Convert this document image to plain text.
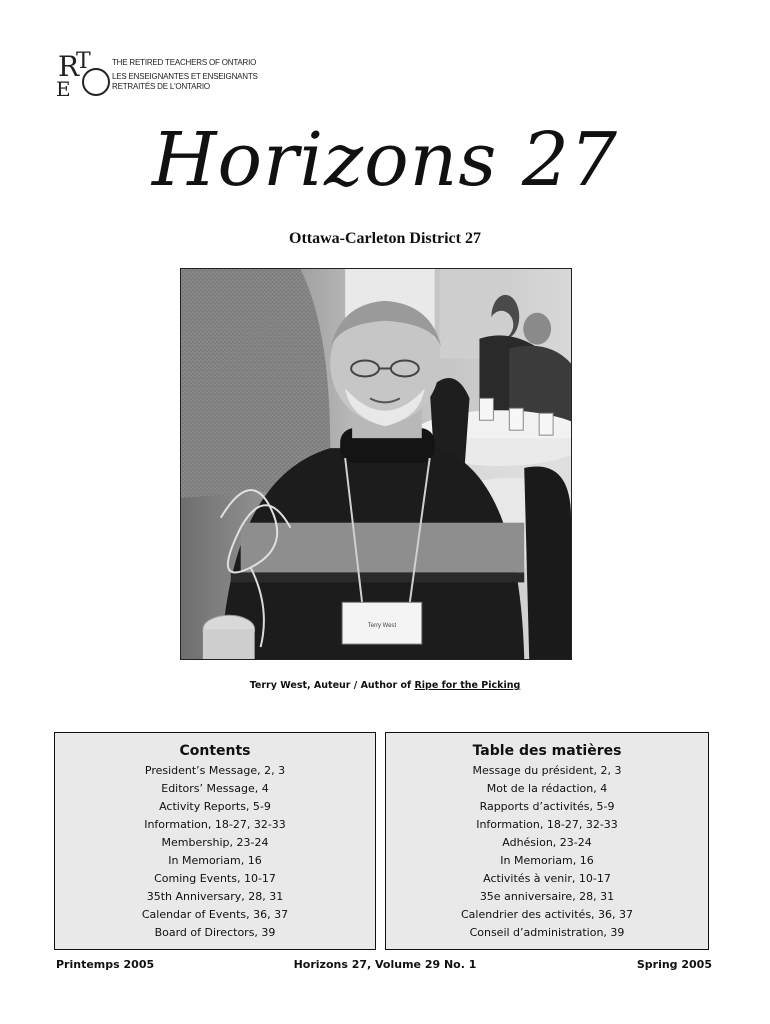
R
T
E
THE RETIRED TEACHERS OF ONTARIO
LES ENSEIGNANTES ET ENSEIGNANTS
RETRAITÉS DE L'ONTARIO
Horizons 27
Ottawa-Carleton District 27
Terry West
Terry West, Auteur / Author of Ripe for the Picking
Contents
President’s Message, 2, 3
Editors’ Message, 4
Activity Reports, 5-9
Information, 18-27, 32-33
Membership, 23-24
In Memoriam, 16
Coming Events, 10-17
35th Anniversary, 28, 31
Calendar of Events, 36, 37
Board of Directors, 39
Table des matières
Message du président, 2, 3
Mot de la rédaction, 4
Rapports d’activités, 5-9
Information, 18-27, 32-33
Adhésion, 23-24
In Memoriam, 16
Activités à venir, 10-17
35e anniversaire, 28, 31
Calendrier des activités, 36, 37
Conseil d’administration, 39
Printemps 2005	Horizons 27, Volume 29 No. 1	Spring 2005
